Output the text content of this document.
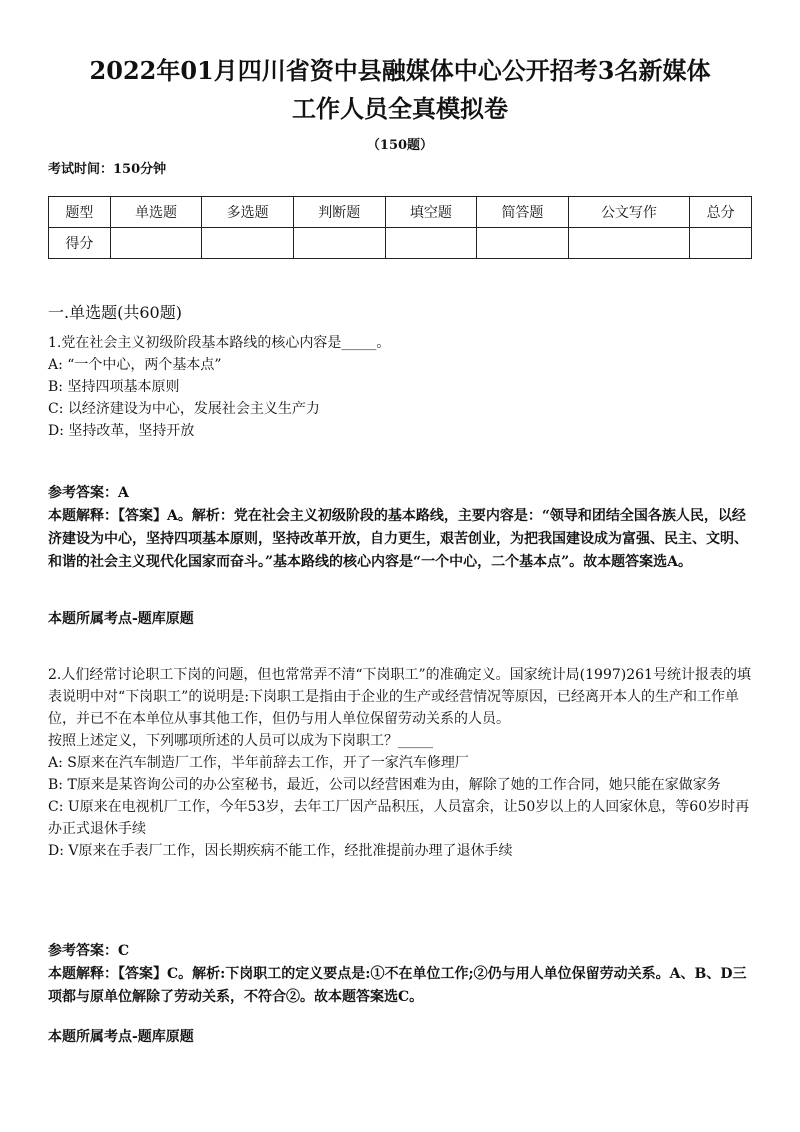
2022年01月四川省资中县融媒体中心公开招考3名新媒体
工作人员全真模拟卷
（150题）
考试时间：150分钟
题型	单选题	多选题	判断题	填空题	简答题	公文写作	总分
得分							
一.单选题(共60题)

1.党在社会主义初级阶段基本路线的核心内容是_____。

A: “一个中心，两个基本点”

B: 坚持四项基本原则

C: 以经济建设为中心，发展社会主义生产力

D: 坚持改革，坚持开放

参考答案：A

本题解释：【答案】A。解析：党在社会主义初级阶段的基本路线，主要内容是：“领导和团结全国各族人民，以经济建设为中心，坚持四项基本原则，坚持改革开放，自力更生，艰苦创业，为把我国建设成为富强、民主、文明、和谐的社会主义现代化国家而奋斗。”基本路线的核心内容是“一个中心，二个基本点”。故本题答案选A。

本题所属考点-题库原题

2.人们经常讨论职工下岗的问题，但也常常弄不清“下岗职工”的准确定义。国家统计局(1997)261号统计报表的填表说明中对“下岗职工”的说明是:下岗职工是指由于企业的生产或经营情况等原因，已经离开本人的生产和工作单位，并已不在本单位从事其他工作，但仍与用人单位保留劳动关系的人员。

按照上述定义，下列哪项所述的人员可以成为下岗职工？_____

A: S原来在汽车制造厂工作，半年前辞去工作，开了一家汽车修理厂

B: T原来是某咨询公司的办公室秘书，最近，公司以经营困难为由，解除了她的工作合同，她只能在家做家务

C: U原来在电视机厂工作，今年53岁，去年工厂因产品积压，人员富余，让50岁以上的人回家休息，等60岁时再办正式退休手续

D: V原来在手表厂工作，因长期疾病不能工作，经批准提前办理了退休手续

参考答案：C

本题解释：【答案】C。解析:下岗职工的定义要点是:①不在单位工作;②仍与用人单位保留劳动关系。A、B、D三项都与原单位解除了劳动关系，不符合②。故本题答案选C。

本题所属考点-题库原题
